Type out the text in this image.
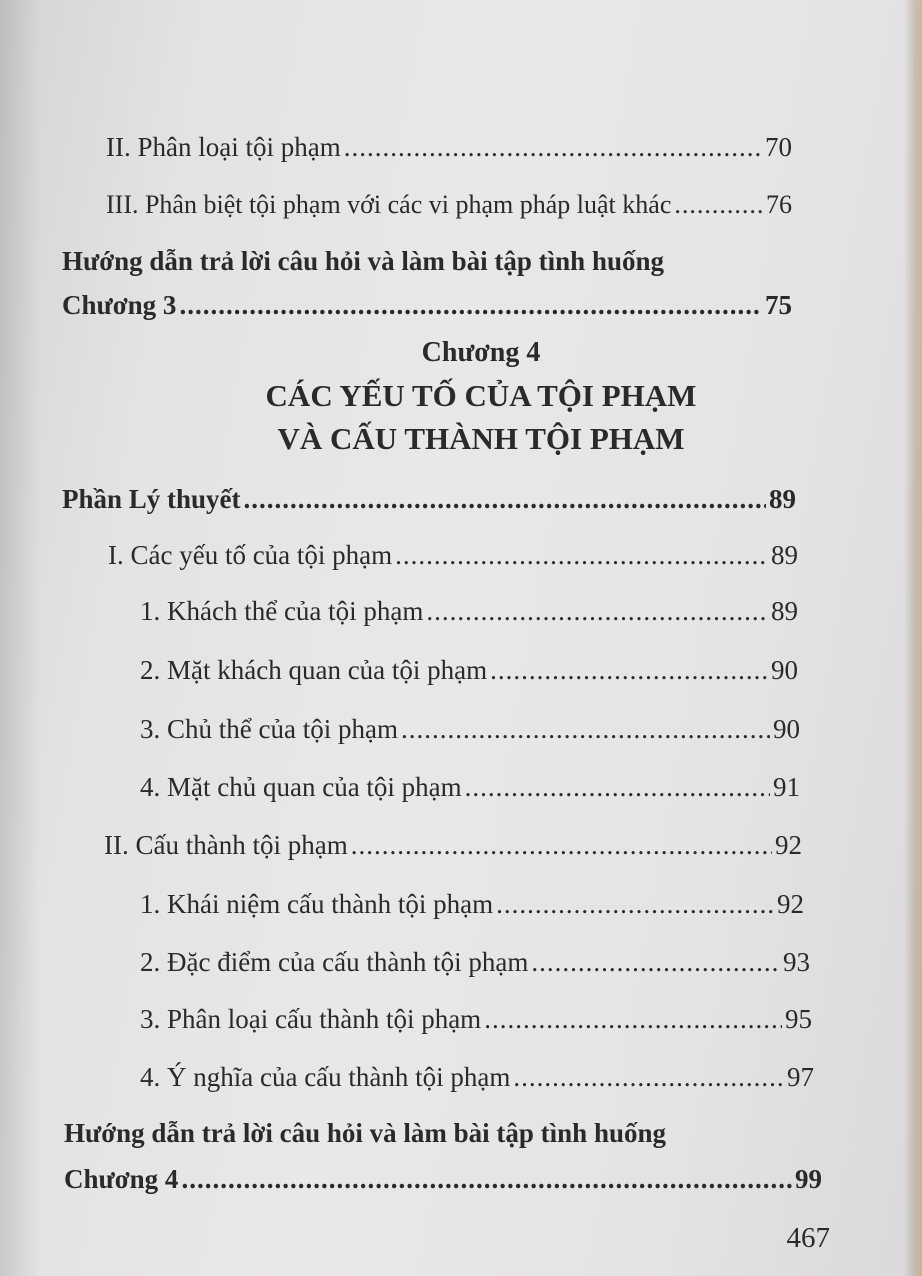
II. Phân loại tội phạm .....	70
III. Phân biệt tội phạm với các vi phạm pháp luật khác .....	76
Hướng dẫn trả lời câu hỏi và làm bài tập tình huống
Chương 3 .....	75
Chương 4
CÁC YẾU TỐ CỦA TỘI PHẠM
VÀ CẤU THÀNH TỘI PHẠM
Phần Lý thuyết .....	89
I. Các yếu tố của tội phạm .....	89
1. Khách thể của tội phạm .....	89
2. Mặt khách quan của tội phạm .....	90
3. Chủ thể của tội phạm .....	90
4. Mặt chủ quan của tội phạm .....	91
II. Cấu thành tội phạm .....	92
1. Khái niệm cấu thành tội phạm .....	92
2. Đặc điểm của cấu thành tội phạm .....	93
3. Phân loại cấu thành tội phạm .....	95
4. Ý nghĩa của cấu thành tội phạm .....	97
Hướng dẫn trả lời câu hỏi và làm bài tập tình huống
Chương 4 .....	99
467
